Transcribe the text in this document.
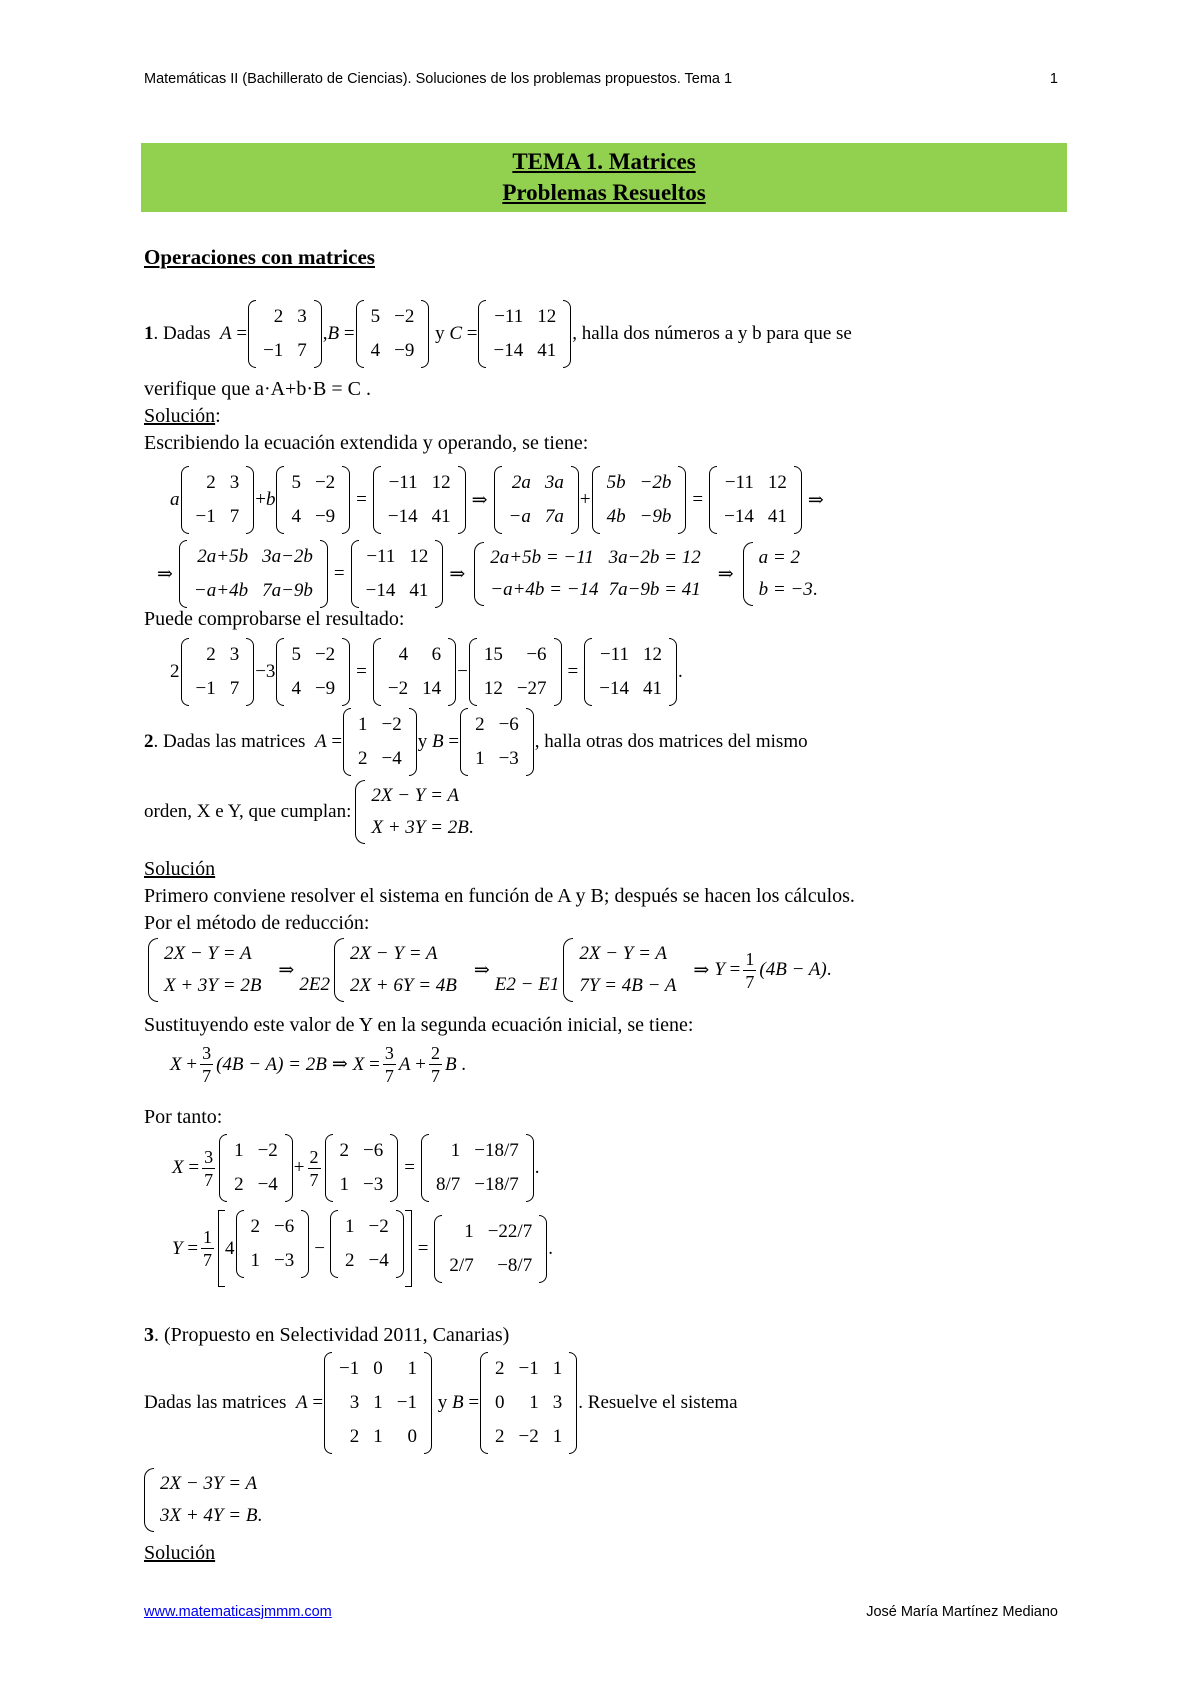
Matemáticas II (Bachillerato de Ciencias). Soluciones de los problemas propuestos. Tema 1	1
TEMA 1. Matrices
Problemas Resueltos
Operaciones con matrices
1 . Dadas
A =
2	3
−1	7
, B =
5	−2
4	−9

y
C =
−11	12
−14	41
, halla dos números a y b para que se
verifique que a·A+b·B = C .
Solución:
Escribiendo la ecuación extendida y operando, se tiene:
a
2	3
−1	7
+ b
5	−2
4	−9
=
−11	12
−14	41
⇒
2a	3a
−a	7a
+
5b	−2b
4b	−9b
=
−11	12
−14	41
⇒
⇒
2a+5b	3a−2b
−a+4b	7a−9b
=
−11	12
−14	41
⇒
2a+5b = −11	3a−2b = 12
−a+4b = −14	7a−9b = 41
⇒
a = 2
b = −3.
Puede comprobarse el resultado:
2
2	3
−1	7
−3
5	−2
4	−9
=
4	6
−2	14
−
15	−6
12	−27
=
−11	12
−14	41
.
2 . Dadas las matrices
A =
1	−2
2	−4
y B =
2	−6
1	−3
, halla otras dos matrices del mismo
orden, X e Y, que cumplan:
2X − Y = A
X + 3Y = 2B.
Solución
Primero conviene resolver el sistema en función de A y B; después se hacen los cálculos.
Por el método de reducción:
2X − Y = A
X + 3Y = 2B
⇒
2E2
2X − Y = A
2X + 6Y = 4B
⇒
E2 − E1
2X − Y = A
7Y = 4B − A
⇒ Y =
1
7
(4B − A) .
Sustituyendo este valor de Y en la segunda ecuación inicial, se tiene:
X +
3
7
(4B − A) = 2B ⇒ X =
3
7
A +
2
7
B .
Por tanto:
X =
3
7
1	−2
2	−4
+
2
7
2	−6
1	−3
=
1	−18/7
8/7	−18/7
.
Y =
1
7
4	
2	−6
1	−3
	−	
1	−2
2	−4
=
1	−22/7
2/7	−8/7
.
3. (Propuesto en Selectividad 2011, Canarias)
Dadas las matrices
A =
−1	0	1
3	1	−1
2	1	0
y B =
2	−1	1
0	1	3
2	−2	1
. Resuelve el sistema
2X − 3Y = A
3X + 4Y = B.
Solución
www.matematicasjmmm.com	José María Martínez Mediano
